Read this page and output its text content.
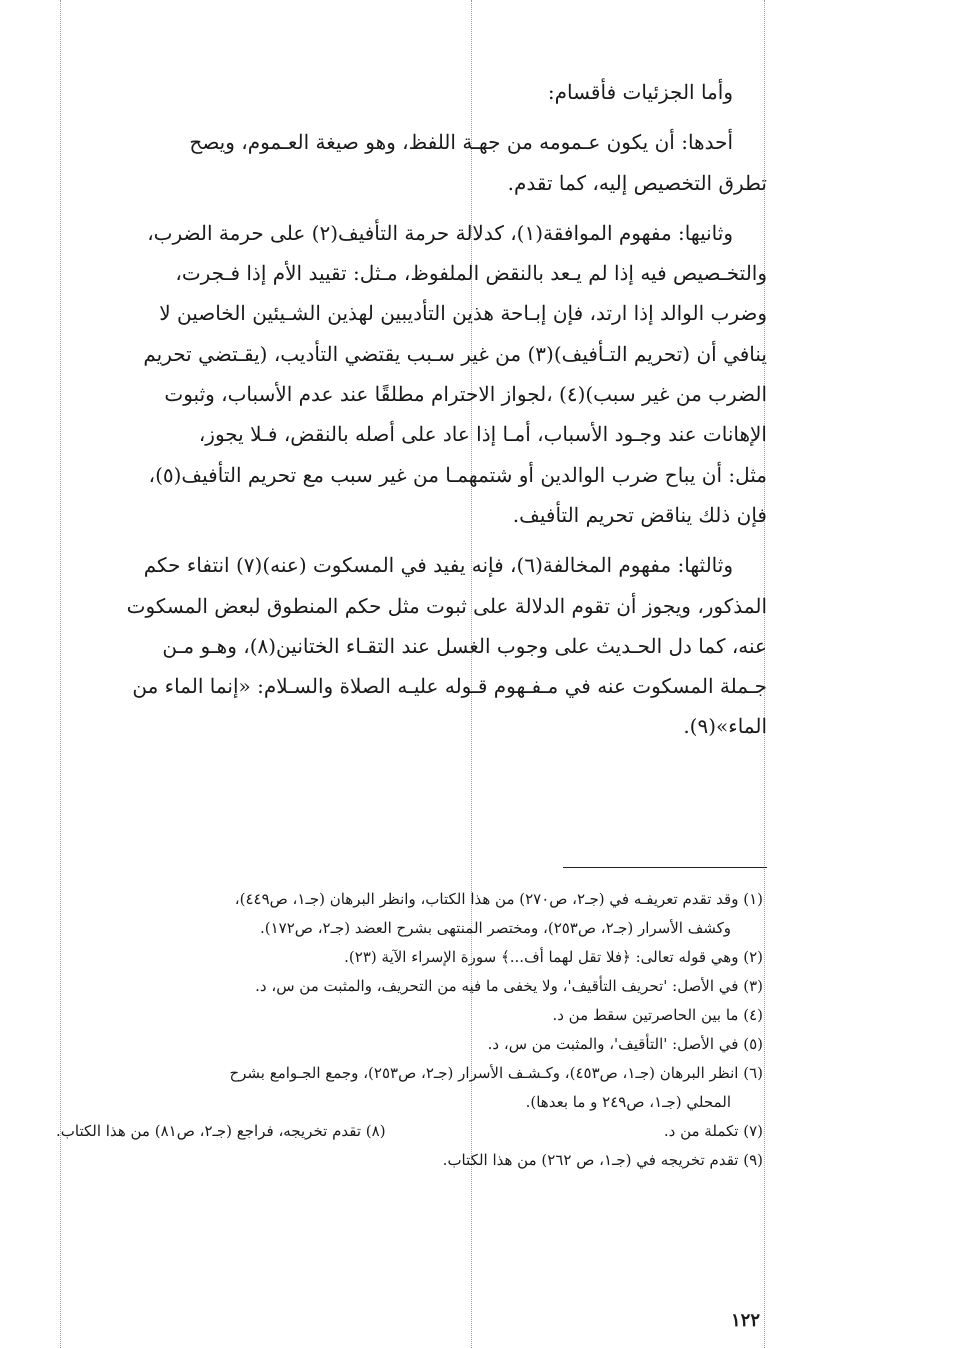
وأما الجزئيات فأقسام:

أحدها: أن يكون عـمومه من جهـة اللفظ، وهو صيغة العـموم، ويصح

تطرق التخصيص إليه، كما تقدم.

وثانيها: مفهوم الموافقة(١)، كدلالة حرمة التأفيف(٢) على حرمة الضرب،

والتخـصيص فيه إذا لم يـعد بالنقض الملفوظ، مـثل: تقييد الأم إذا فـجرت،

وضرب الوالد إذا ارتد، فإن إبـاحة هذين التأديبين لهذين الشـيئين الخاصين لا

ينافي أن (تحريم التـأفيف)(٣) من غير سـبب يقتضي التأديب، (يقـتضي تحريم

الضرب من غير سبب)(٤) ،لجواز الاحترام مطلقًا عند عدم الأسباب، وثبوت

الإهانات عند وجـود الأسباب، أمـا إذا عاد على أصله بالنقض، فـلا يجوز،

مثل: أن يباح ضرب الوالدين أو شتمهمـا من غير سبب مع تحريم التأفيف(٥)،

فإن ذلك يناقض تحريم التأفيف.

وثالثها: مفهوم المخالفة(٦)، فإنه يفيد في المسكوت (عنه)(٧) انتفاء حكم

المذكور، ويجوز أن تقوم الدلالة على ثبوت مثل حكم المنطوق لبعض المسكوت

عنه، كما دل الحـديث على وجوب الغسل عند التقـاء الختانين(٨)، وهـو مـن

جـملة المسكوت عنه في مـفـهوم قـوله عليـه الصلاة والسـلام: «إنما الماء من

الماء»(٩).

(١) وقد تقدم تعريفـه في (جـ٢، ص٢٧٠) من هذا الكتاب، وانظر البرهان (جـ١، ص٤٤٩)،
وكشف الأسرار (جـ٢، ص٢٥٣)، ومختصر المنتهى بشرح العضد (جـ٢، ص١٧٢).
(٢) وهي قوله تعالى: ﴿فلا تقل لهما أف...﴾ سورة الإسراء الآية (٢٣).
(٣) في الأصل: 'تحريف التأقيف'، ولا يخفى ما فيه من التحريف، والمثبت من س، د.
(٤) ما بين الحاصرتين سقط من د.
(٥) في الأصل: 'التأقيف'، والمثبت من س، د.
(٦) انظر البرهان (جـ١، ص٤٥٣)، وكـشـف الأسرار (جـ٢، ص٢٥٣)، وجمع الجـوامع بشرح
المحلي (جـ١، ص٢٤٩ و ما بعدها).
(٧) تكملة من د.
(٨) تقدم تخريجه، فراجع (جـ٢، ص٨١) من هذا الكتاب.
(٩) تقدم تخريجه في (جـ١، ص ٢٦٢) من هذا الكتاب.
١٢٢
